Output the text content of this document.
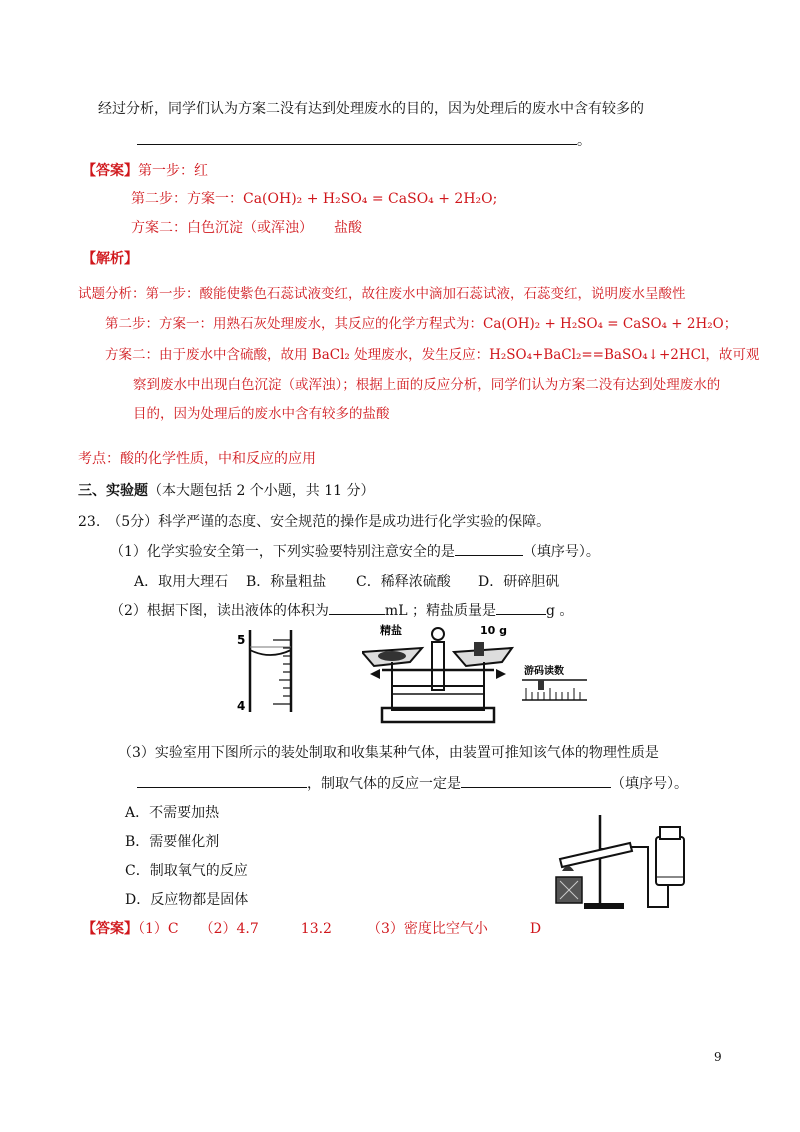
经过分析，同学们认为方案二没有达到处理废水的目的，因为处理后的废水中含有较多的
。
【答案】第一步：红
第二步：方案一：Ca(OH)₂ + H₂SO₄ = CaSO₄ + 2H₂O;
方案二：白色沉淀（或浑浊）　　盐酸
【解析】
试题分析：第一步：酸能使紫色石蕊试液变红，故往废水中滴加石蕊试液，石蕊变红，说明废水呈酸性
第二步：方案一：用熟石灰处理废水，其反应的化学方程式为：Ca(OH)₂ + H₂SO₄ = CaSO₄ + 2H₂O；
方案二：由于废水中含硫酸，故用 BaCl₂ 处理废水，发生反应：H₂SO₄+BaCl₂==BaSO₄↓+2HCl，故可观
察到废水中出现白色沉淀（或浑浊）；根据上面的反应分析，同学们认为方案二没有达到处理废水的
目的，因为处理后的废水中含有较多的盐酸
考点：酸的化学性质，中和反应的应用
三、实验题（本大题包括 2 个小题，共 11 分）
23.　（5分）科学严谨的态度、安全规范的操作是成功进行化学实验的保障。
（1）化学实验安全第一，下列实验要特别注意安全的是	（填序号）。
A．取用大理石 B．称量粗盐 C．稀释浓硫酸 D．研碎胆矾
（2）根据下图，读出液体的体积为	mL ；精盐质量是	g 。
5
4
精盐	10 g
游码读数
（3）实验室用下图所示的装处制取和收集某种气体，由装置可推知该气体的物理性质是
，制取气体的反应一定是	（填序号）。
A．不需要加热
B．需要催化剂
C．制取氧气的反应
D．反应物都是固体
【答案】（1）C　　（2）4.7　　　13.2　　　（3）密度比空气小　　　D
9
